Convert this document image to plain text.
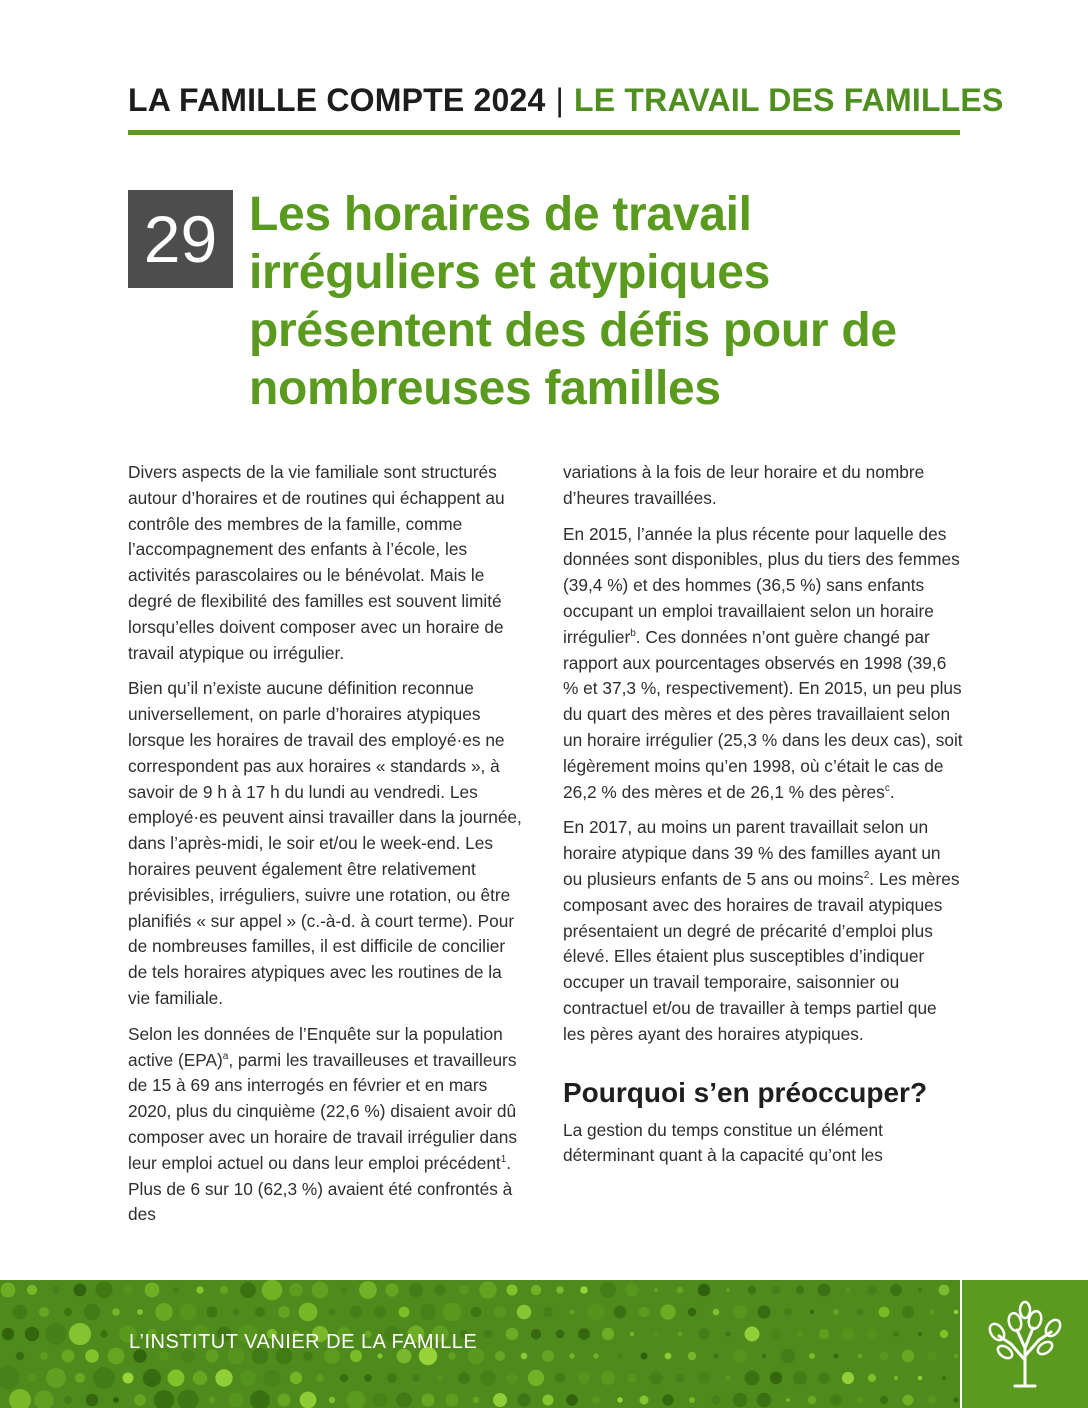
LA FAMILLE COMPTE 2024 | LE TRAVAIL DES FAMILLES
29 Les horaires de travail irréguliers et atypiques présentent des défis pour de nombreuses familles

Divers aspects de la vie familiale sont structurés autour d’horaires et de routines qui échappent au contrôle des membres de la famille, comme l’accompagnement des enfants à l’école, les activités parascolaires ou le bénévolat. Mais le degré de flexibilité des familles est souvent limité lorsqu’elles doivent composer avec un horaire de travail atypique ou irrégulier.

Bien qu’il n’existe aucune définition reconnue universellement, on parle d’horaires atypiques lorsque les horaires de travail des employé·es ne correspondent pas aux horaires « standards », à savoir de 9 h à 17 h du lundi au vendredi. Les employé·es peuvent ainsi travailler dans la journée, dans l’après-midi, le soir et/ou le week-end. Les horaires peuvent également être relativement prévisibles, irréguliers, suivre une rotation, ou être planifiés « sur appel » (c.-à-d. à court terme). Pour de nombreuses familles, il est difficile de concilier de tels horaires atypiques avec les routines de la vie familiale.

Selon les données de l’Enquête sur la population active (EPA)$^a$, parmi les travailleuses et travailleurs de 15 à 69 ans interrogés en février et en mars 2020, plus du cinquième (22,6 %) disaient avoir dû composer avec un horaire de travail irrégulier dans leur emploi actuel ou dans leur emploi précédent$^1$. Plus de 6 sur 10 (62,3 %) avaient été confrontés à des

variations à la fois de leur horaire et du nombre d’heures travaillées.

En 2015, l’année la plus récente pour laquelle des données sont disponibles, plus du tiers des femmes (39,4 %) et des hommes (36,5 %) sans enfants occupant un emploi travaillaient selon un horaire irrégulier$^b$. Ces données n’ont guère changé par rapport aux pourcentages observés en 1998 (39,6 % et 37,3 %, respectivement). En 2015, un peu plus du quart des mères et des pères travaillaient selon un horaire irrégulier (25,3 % dans les deux cas), soit légèrement moins qu’en 1998, où c’était le cas de 26,2 % des mères et de 26,1 % des pères$^c$.

En 2017, au moins un parent travaillait selon un horaire atypique dans 39 % des familles ayant un ou plusieurs enfants de 5 ans ou moins$^2$. Les mères composant avec des horaires de travail atypiques présentaient un degré de précarité d’emploi plus élevé. Elles étaient plus susceptibles d’indiquer occuper un travail temporaire, saisonnier ou contractuel et/ou de travailler à temps partiel que les pères ayant des horaires atypiques.

Pourquoi s’en préoccuper?

La gestion du temps constitue un élément déterminant quant à la capacité qu’ont les

L’INSTITUT VANIER DE LA FAMILLE
